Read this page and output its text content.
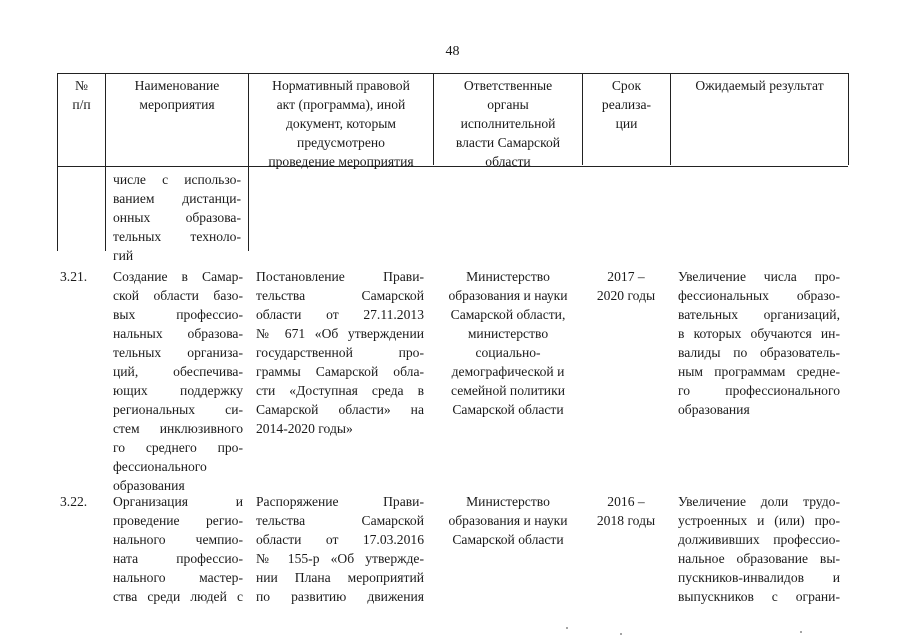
48
№
п/п
Наименование
мероприятия
Нормативный правовой
акт (программа), иной
документ, которым
предусмотрено
проведение мероприятия
Ответственные
органы
исполнительной
власти Самарской
области
Срок
реализа-
ции
Ожидаемый результат
числе с использо-
ванием дистанци-
онных образова-
тельных техноло-
гий
3.21.	Создание в Самар-
ской области базо-
вых профессио-
нальных образова-
тельных организа-
ций, обеспечива-
ющих поддержку
региональных си-
стем инклюзивного
го среднего про-
фессионального
образования
Постановление Прави-
тельства Самарской
области от 27.11.2013
№ 671 «Об утверждении
государственной про-
граммы Самарской обла-
сти «Доступная среда в
Самарской области» на
2014-2020 годы»
Министерство
образования и науки
Самарской области,
министерство
социально-
демографической и
семейной политики
Самарской области
2017 –
2020 годы
Увеличение числа про-
фессиональных образо-
вательных организаций,
в которых обучаются ин-
валиды по образователь-
ным программам средне-
го профессионального
образования
3.22.	Организация и
проведение регио-
нального чемпио-
ната профессио-
нального мастер-
ства среди людей с
Распоряжение Прави-
тельства Самарской
области от 17.03.2016
№ 155-р «Об утвержде-
нии Плана мероприятий
по развитию движения
Министерство
образования и науки
Самарской области
2016 –
2018 годы
Увеличение доли трудо-
устроенных и (или) про-
должививших профессио-
нальное образование вы-
пускников-инвалидов и
выпускников с ограни-
